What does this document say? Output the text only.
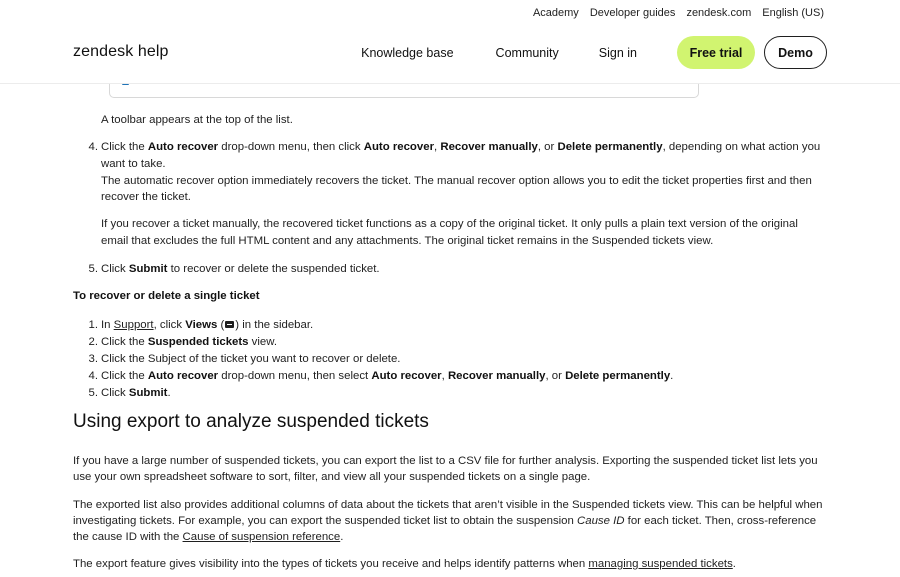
Academy Developer guides zendesk.com English (US)
zendesk help	Knowledge base	Community	Sign in	Free trial	Demo
A toolbar appears at the top of the list.
4. Click the Auto recover drop-down menu, then click Auto recover, Recover manually, or Delete permanently, depending on what action you
want to take.
The automatic recover option immediately recovers the ticket. The manual recover option allows you to edit the ticket properties first and then
recover the ticket.
If you recover a ticket manually, the recovered ticket functions as a copy of the original ticket. It only pulls a plain text version of the original
email that excludes the full HTML content and any attachments. The original ticket remains in the Suspended tickets view.
5. Click Submit to recover or delete the suspended ticket.
To recover or delete a single ticket
1. In Support, click Views ( ) in the sidebar.
2. Click the Suspended tickets view.
3. Click the Subject of the ticket you want to recover or delete.
4. Click the Auto recover drop-down menu, then select Auto recover, Recover manually, or Delete permanently.
5. Click Submit.
Using export to analyze suspended tickets
If you have a large number of suspended tickets, you can export the list to a CSV file for further analysis. Exporting the suspended ticket list lets you
use your own spreadsheet software to sort, filter, and view all your suspended tickets on a single page.
The exported list also provides additional columns of data about the tickets that aren’t visible in the Suspended tickets view. This can be helpful when
investigating tickets. For example, you can export the suspended ticket list to obtain the suspension Cause ID for each ticket. Then, cross-reference
the cause ID with the Cause of suspension reference.
The export feature gives visibility into the types of tickets you receive and helps identify patterns when managing suspended tickets.
